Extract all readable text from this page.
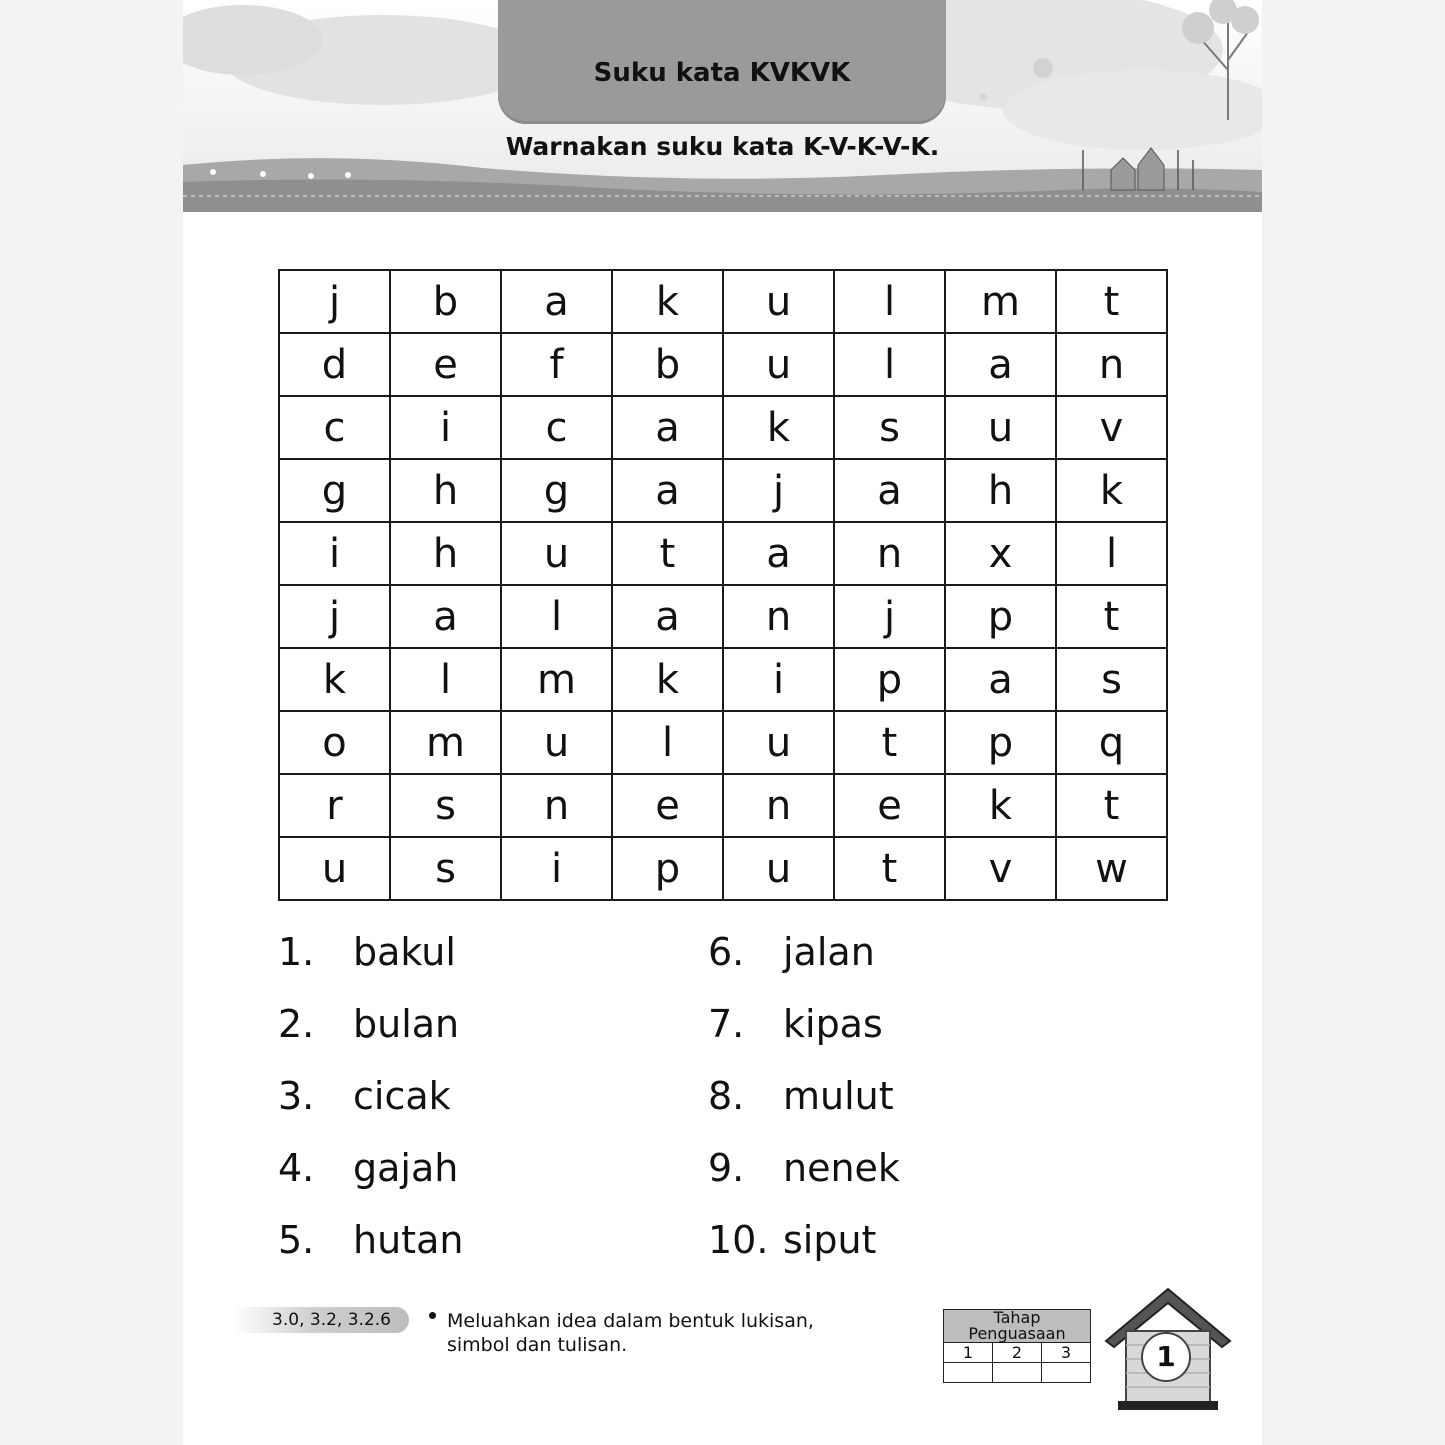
Suku kata KVKVK
Warnakan suku kata K-V-K-V-K.
j	b	a	k	u	l	m	t
d	e	f	b	u	l	a	n
c	i	c	a	k	s	u	v
g	h	g	a	j	a	h	k
i	h	u	t	a	n	x	l
j	a	l	a	n	j	p	t
k	l	m	k	i	p	a	s
o	m	u	l	u	t	p	q
r	s	n	e	n	e	k	t
u	s	i	p	u	t	v	w
1. bakul
2. bulan
3. cicak
4. gajah
5. hutan
6. jalan
7. kipas
8. mulut
9. nenek
10. siput
3.0, 3.2, 3.2.6	Meluahkan idea dalam bentuk lukisan,
simbol dan tulisan.
Tahap Penguasaan		
1	2	3
			1
